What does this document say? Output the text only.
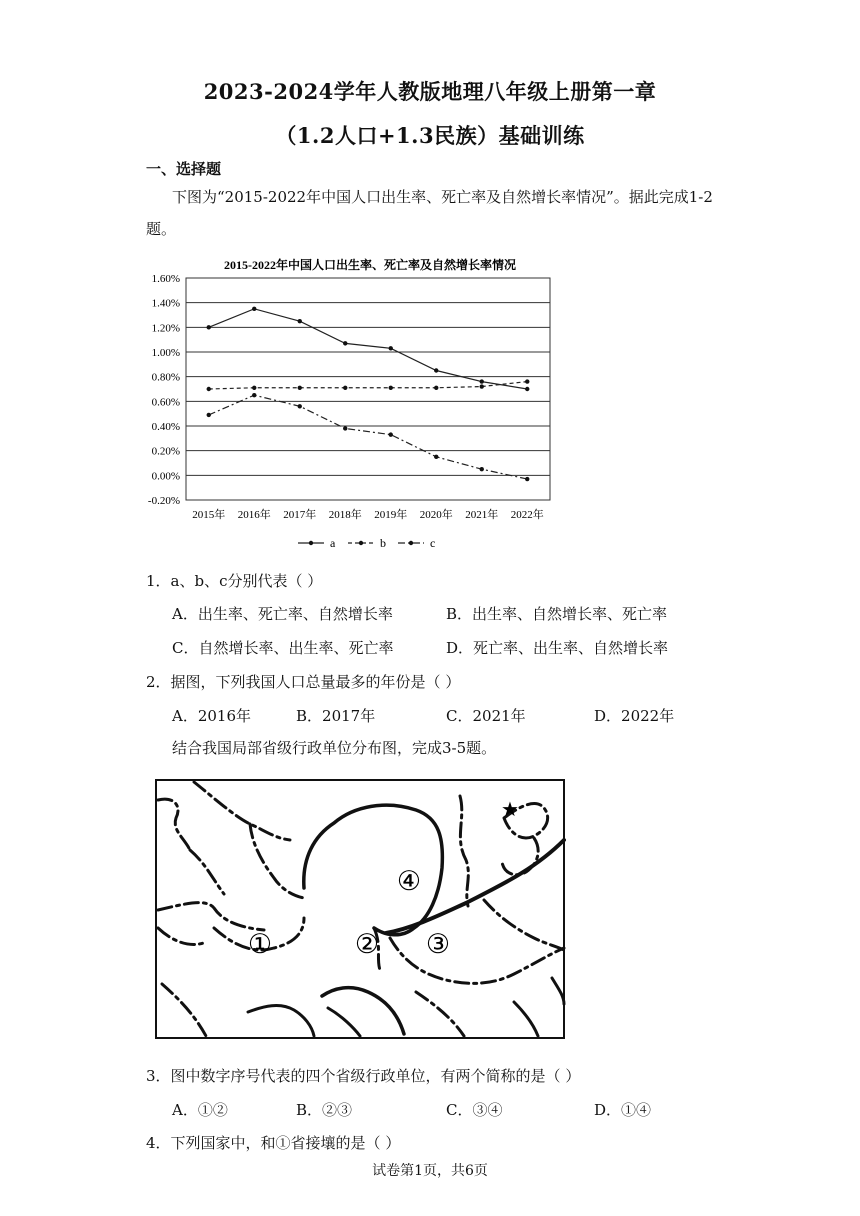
2023-2024学年人教版地理八年级上册第一章
（1.2人口+1.3民族）基础训练
一、选择题
下图为“2015-2022年中国人口出生率、死亡率及自然增长率情况”。据此完成1-2
题。
2015-2022年中国人口出生率、死亡率及自然增长率情况
1.60%
1.40%
1.20%
1.00%
0.80%
0.60%
0.40%
0.20%
0.00%
-0.20%
2015年 2016年 2017年 2018年 2019年 2020年 2021年 2022年
a	b	c
1．a、b、c分别代表（ ）
A．出生率、死亡率、自然增长率	B．出生率、自然增长率、死亡率
C．自然增长率、出生率、死亡率	D．死亡率、出生率、自然增长率
2．据图，下列我国人口总量最多的年份是（ ）
A．2016年	B．2017年	C．2021年	D．2022年
结合我国局部省级行政单位分布图，完成3-5题。
★
①	② ③
④
3．图中数字序号代表的四个省级行政单位，有两个简称的是（ ）
A．①②	B．②③	C．③④	D．①④
4．下列国家中，和①省接壤的是（ ）
试卷第1页，共6页
